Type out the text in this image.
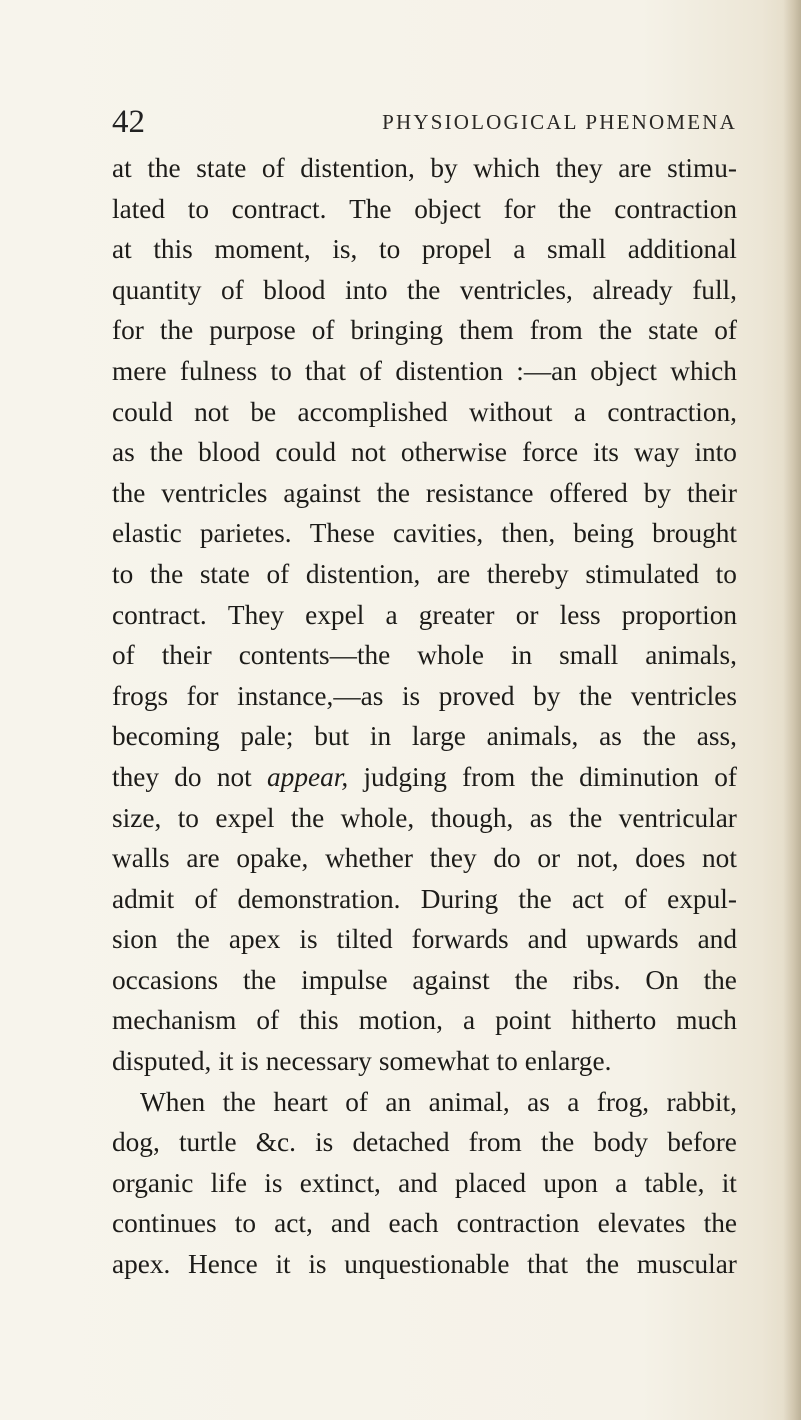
42	PHYSIOLOGICAL PHENOMENA
at the state of distention, by which they are stimu-
lated to contract. The object for the contraction
at this moment, is, to propel a small additional
quantity of blood into the ventricles, already full,
for the purpose of bringing them from the state of
mere fulness to that of distention :—an object which
could not be accomplished without a contraction,
as the blood could not otherwise force its way into
the ventricles against the resistance offered by their
elastic parietes. These cavities, then, being brought
to the state of distention, are thereby stimulated to
contract. They expel a greater or less proportion
of their contents—the whole in small animals,
frogs for instance,—as is proved by the ventricles
becoming pale; but in large animals, as the ass,
they do not appear, judging from the diminution of
size, to expel the whole, though, as the ventricular
walls are opake, whether they do or not, does not
admit of demonstration. During the act of expul-
sion the apex is tilted forwards and upwards and
occasions the impulse against the ribs. On the
mechanism of this motion, a point hitherto much
disputed, it is necessary somewhat to enlarge.
When the heart of an animal, as a frog, rabbit,
dog, turtle &c. is detached from the body before
organic life is extinct, and placed upon a table, it
continues to act, and each contraction elevates the
apex. Hence it is unquestionable that the muscular
